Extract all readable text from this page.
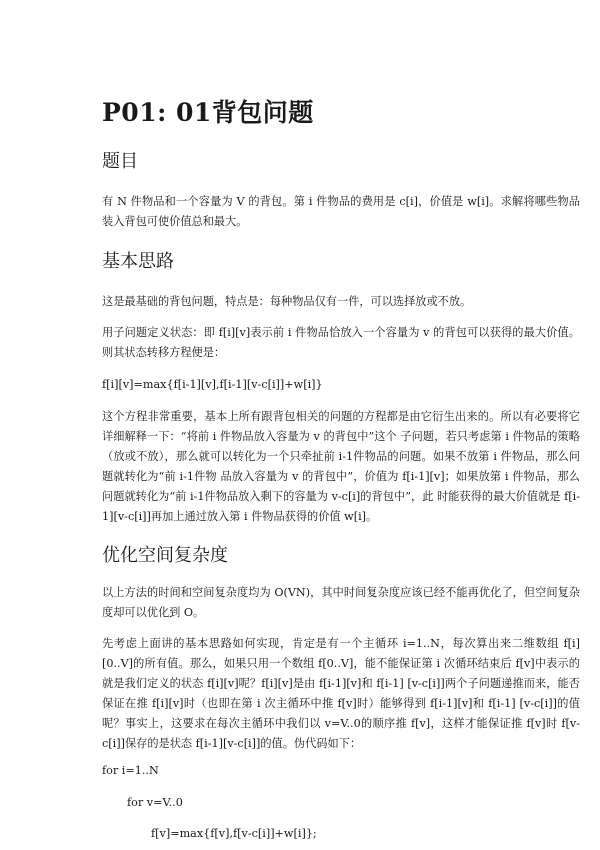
P01: 01背包问题
题目

有 N 件物品和一个容量为 V 的背包。第 i 件物品的费用是 c[i]，价值是 w[i]。求解将哪些物品装入背包可使价值总和最大。

基本思路

这是最基础的背包问题，特点是：每种物品仅有一件，可以选择放或不放。

用子问题定义状态：即 f[i][v]表示前 i 件物品恰放入一个容量为 v 的背包可以获得的最大价值。则其状态转移方程便是：

f[i][v]=max{f[i-1][v],f[i-1][v-c[i]]+w[i]}

这个方程非常重要，基本上所有跟背包相关的问题的方程都是由它衍生出来的。所以有必要将它详细解释一下：“将前 i 件物品放入容量为 v 的背包中”这个 子问题，若只考虑第 i 件物品的策略（放或不放），那么就可以转化为一个只牵扯前 i-1件物品的问题。如果不放第 i 件物品，那么问题就转化为“前 i-1件物 品放入容量为 v 的背包中”，价值为 f[i-1][v]；如果放第 i 件物品，那么问题就转化为“前 i-1件物品放入剩下的容量为 v-c[i]的背包中”，此 时能获得的最大价值就是 f[i-1][v-c[i]]再加上通过放入第 i 件物品获得的价值 w[i]。

优化空间复杂度

以上方法的时间和空间复杂度均为 O(VN)，其中时间复杂度应该已经不能再优化了，但空间复杂度却可以优化到 O。

先考虑上面讲的基本思路如何实现，肯定是有一个主循环 i=1..N，每次算出来二维数组 f[i][0..V]的所有值。那么，如果只用一个数组 f[0..V]，能不能保证第 i 次循环结束后 f[v]中表示的就是我们定义的状态 f[i][v]呢？f[i][v]是由 f[i-1][v]和 f[i-1] [v-c[i]]两个子问题递推而来，能否保证在推 f[i][v]时（也即在第 i 次主循环中推 f[v]时）能够得到 f[i-1][v]和 f[i-1] [v-c[i]]的值呢？事实上，这要求在每次主循环中我们以 v=V..0的顺序推 f[v]，这样才能保证推 f[v]时 f[v-c[i]]保存的是状态 f[i-1][v-c[i]]的值。伪代码如下：

for i=1..N

for v=V..0

f[v]=max{f[v],f[v-c[i]]+w[i]};
